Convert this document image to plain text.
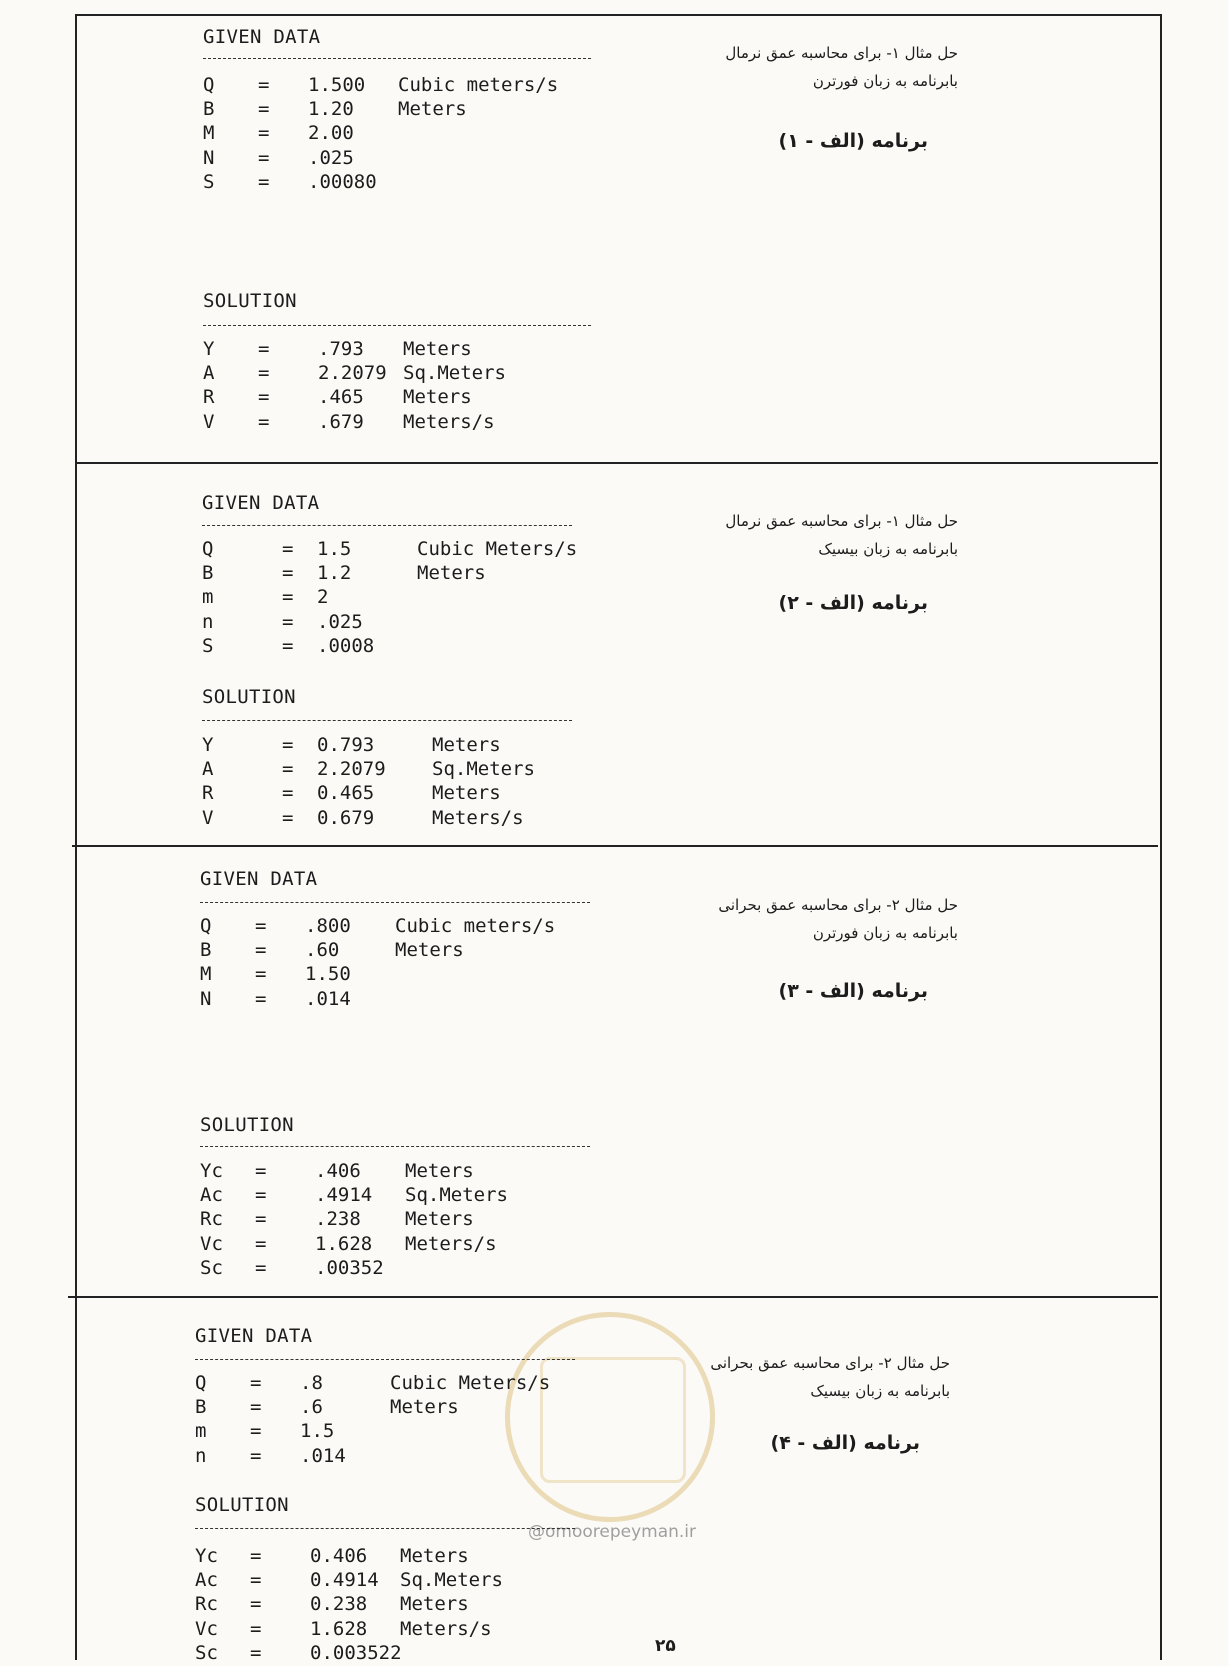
@omoorepeyman.ir
GIVEN DATA
Q = 1.500 Cubic meters/s
B = 1.20 Meters
M = 2.00
N = .025
S = .00080
SOLUTION
Y =	.793 Meters
A =	2.2079 Sq.Meters
R =	.465 Meters
V =	.679 Meters/s
حل مثال ۱- برای محاسبه عمق نرمال
بابرنامه به زبان فورترن
برنامه (الف - ۱)
GIVEN DATA
Q	= 1.5	Cubic Meters/s
B	= 1.2	Meters
m	= 2
n	= .025
S	= .0008
SOLUTION
Y	= 0.793	Meters
A	= 2.2079 Sq.Meters
R	= 0.465	Meters
V	= 0.679	Meters/s
حل مثال ۱- برای محاسبه عمق نرمال
بابرنامه به زبان بیسیک
برنامه (الف - ۲)
GIVEN DATA
Q = .800 Cubic meters/s
B = .60	Meters
M = 1.50
N = .014
SOLUTION
Yc =	.406 Meters
Ac =	.4914 Sq.Meters
Rc =	.238 Meters
Vc =	1.628 Meters/s
Sc =	.00352
حل مثال ۲- برای محاسبه عمق بحرانی
بابرنامه به زبان فورترن
برنامه (الف - ۳)
GIVEN DATA
Q = .8	Cubic Meters/s
B = .6	Meters
m = 1.5
n = .014
SOLUTION
Yc =	0.406 Meters
Ac =	0.4914 Sq.Meters
Rc =	0.238 Meters
Vc =	1.628 Meters/s
Sc =	0.003522
حل مثال ۲- برای محاسبه عمق بحرانی
بابرنامه به زبان بیسیک
برنامه (الف - ۴)
۲۵
